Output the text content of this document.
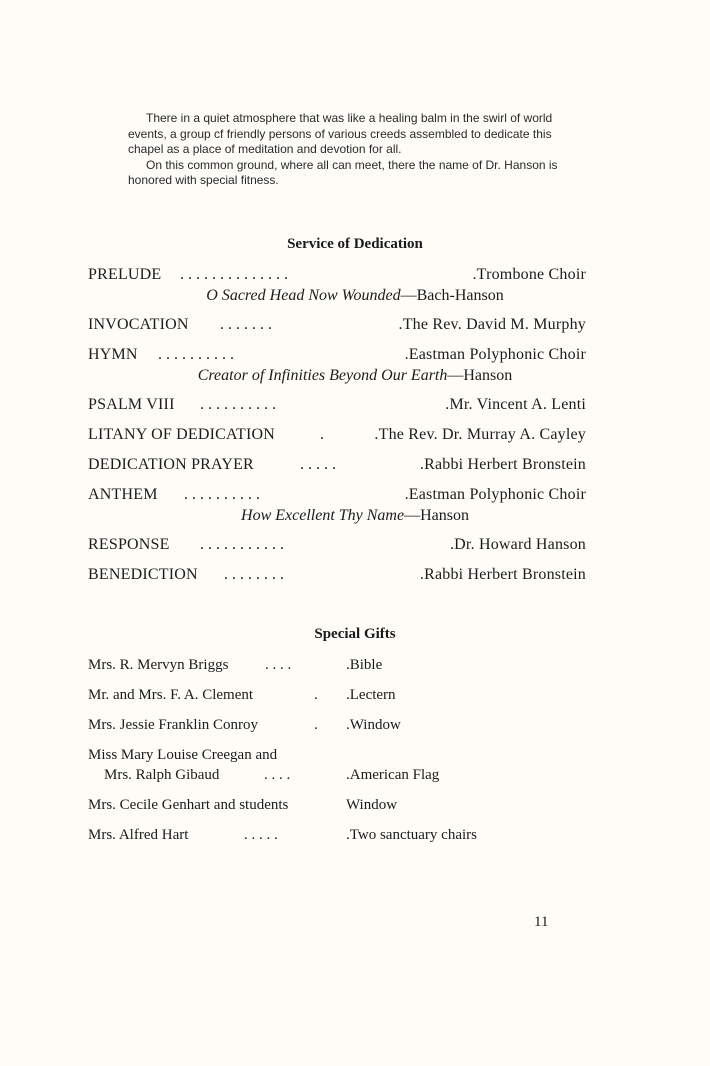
There in a quiet atmosphere that was like a healing balm in the swirl of world events, a group cf friendly persons of various creeds assembled to dedicate this chapel as a place of meditation and devotion for all.

On this common ground, where all can meet, there the name of Dr. Hanson is honored with special fitness.

Service of Dedication
PRELUDE . . . . . . . . . . . . . .	.Trombone Choir
O Sacred Head Now Wounded—Bach-Hanson
INVOCATION . . . . . . .	.The Rev. David M. Murphy
HYMN . . . . . . . . . .	.Eastman Polyphonic Choir
Creator of Infinities Beyond Our Earth—Hanson
PSALM VIII . . . . . . . . . .	.Mr. Vincent A. Lenti
LITANY OF DEDICATION	.	.The Rev. Dr. Murray A. Cayley
DEDICATION PRAYER	. . . . .	.Rabbi Herbert Bronstein
ANTHEM . . . . . . . . . .	.Eastman Polyphonic Choir
How Excellent Thy Name—Hanson
RESPONSE . . . . . . . . . . .	.Dr. Howard Hanson
BENEDICTION . . . . . . . .	.Rabbi Herbert Bronstein
Special Gifts
Mrs. R. Mervyn Briggs . . . .	.Bible
Mr. and Mrs. F. A. Clement	. .Lectern
Mrs. Jessie Franklin Conroy	. .Window
Miss Mary Louise Creegan and
Mrs. Ralph Gibaud	. . . .	.American Flag
Mrs. Cecile Genhart and students	Window
Mrs. Alfred Hart	. . . . .	.Two sanctuary chairs
11
